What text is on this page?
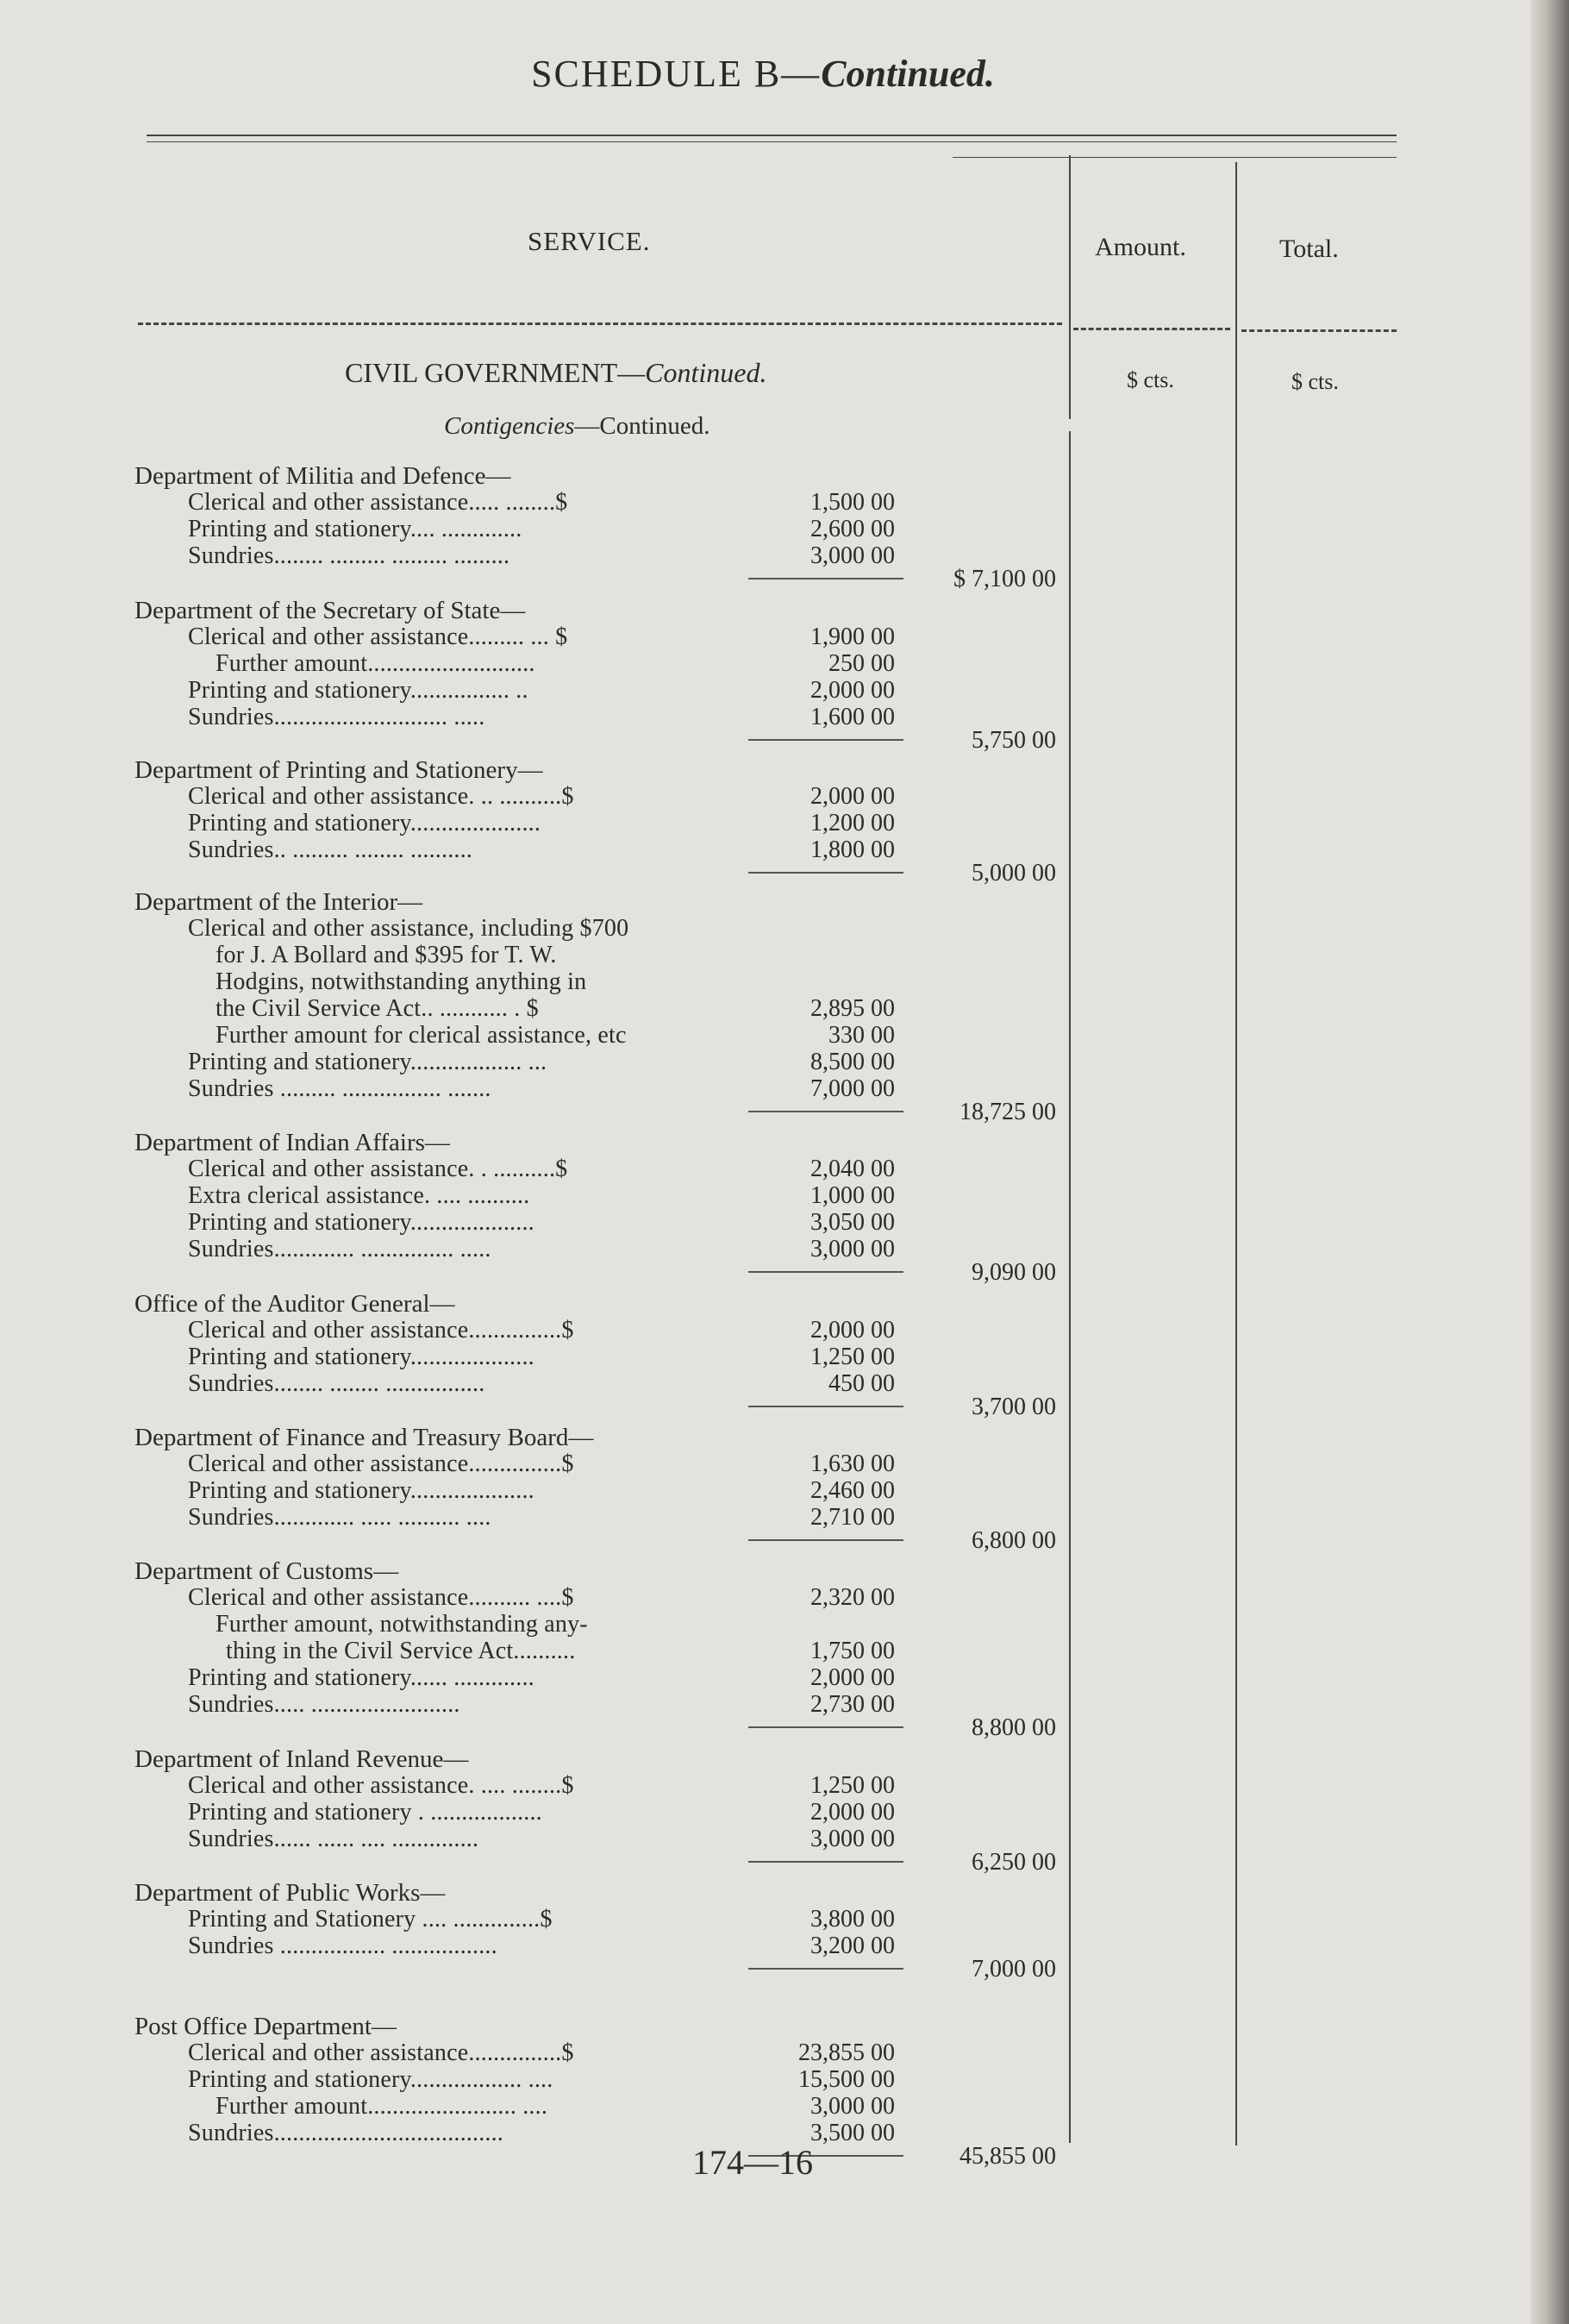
SCHEDULE B—Continued.
SERVICE.	Amount.	Total.
$ cts.	$ cts.
CIVIL GOVERNMENT—Continued.
Contigencies—Continued.
Department of Militia and Defence—
Clerical and other assistance..... ........$	1,500 00
Printing and stationery.... .............	2,600 00
Sundries........ ......... ......... .........	3,000 00
$ 7,100 00
Department of the Secretary of State—
Clerical and other assistance......... ... $	1,900 00
Further amount...........................	250 00
Printing and stationery................ ..	2,000 00
Sundries............................ .....	1,600 00
5,750 00
Department of Printing and Stationery—
Clerical and other assistance. .. ..........$	2,000 00
Printing and stationery.....................	1,200 00
Sundries.. ......... ........ ..........	1,800 00
5,000 00
Department of the Interior—
Clerical and other assistance, including $700
for J. A Bollard and $395 for T. W.
Hodgins, notwithstanding anything in
the Civil Service Act.. ........... . $	2,895 00
Further amount for clerical assistance, etc	330 00
Printing and stationery.................. ...	8,500 00
Sundries ......... ................ .......	7,000 00
18,725 00
Department of Indian Affairs—
Clerical and other assistance. . ..........$	2,040 00
Extra clerical assistance. .... ..........	1,000 00
Printing and stationery....................	3,050 00
Sundries............. ............... .....	3,000 00
9,090 00
Office of the Auditor General—
Clerical and other assistance...............$	2,000 00
Printing and stationery....................	1,250 00
Sundries........ ........ ................	450 00
3,700 00
Department of Finance and Treasury Board—
Clerical and other assistance...............$	1,630 00
Printing and stationery....................	2,460 00
Sundries............. ..... .......... ....	2,710 00
6,800 00
Department of Customs—
Clerical and other assistance.......... ....$	2,320 00
Further amount, notwithstanding any-
thing in the Civil Service Act..........	1,750 00
Printing and stationery...... .............	2,000 00
Sundries..... ........................	2,730 00
8,800 00
Department of Inland Revenue—
Clerical and other assistance. .... ........$	1,250 00
Printing and stationery . ..................	2,000 00
Sundries...... ...... .... ..............	3,000 00
6,250 00
Department of Public Works—
Printing and Stationery .... ..............$	3,800 00
Sundries ................. .................	3,200 00
7,000 00
Post Office Department—
Clerical and other assistance...............$	23,855 00
Printing and stationery.................. ....	15,500 00
Further amount........................ ....	3,000 00
Sundries.....................................	3,500 00
45,855 00
174—16
